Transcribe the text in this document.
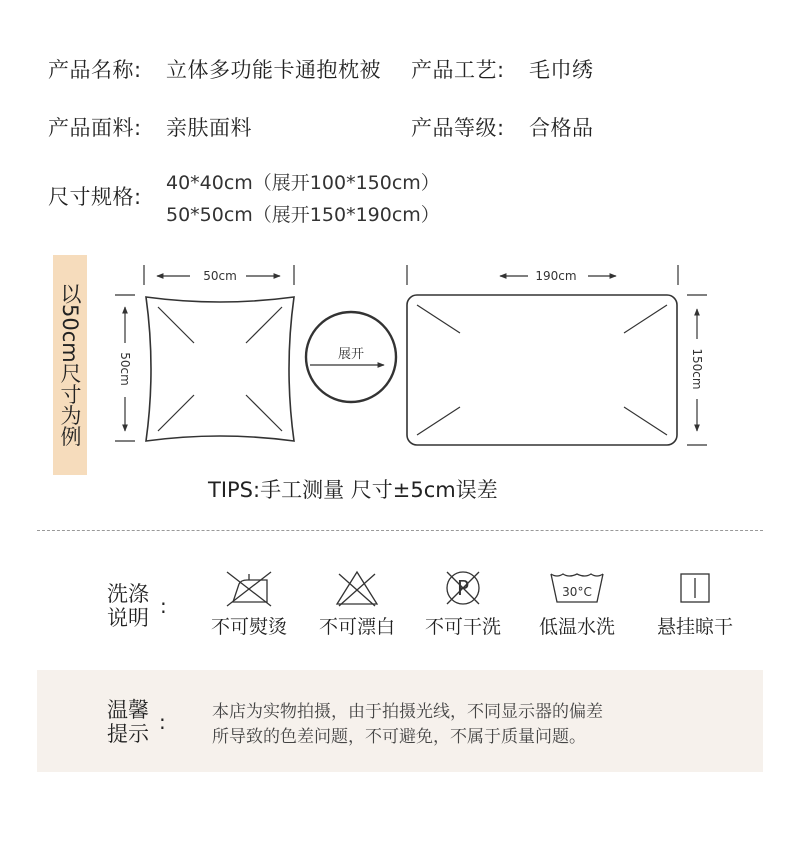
产品名称: 立体多功能卡通抱枕被 产品工艺: 毛巾绣
产品面料: 亲肤面料	产品等级: 合格品
尺寸规格:
40*40cm（展开100*150cm）
50*50cm（展开150*190cm）
以50cm尺寸为例
50cm
50cm	展开
190cm
150cm
TIPS:手工测量 尺寸±5cm误差
洗涤
说明 :
不可熨烫	不可漂白
P
不可干洗
30°C
低温水洗	悬挂晾干
温馨
提示 :	本店为实物拍摄，由于拍摄光线，不同显示器的偏差
所导致的色差问题，不可避免，不属于质量问题。
